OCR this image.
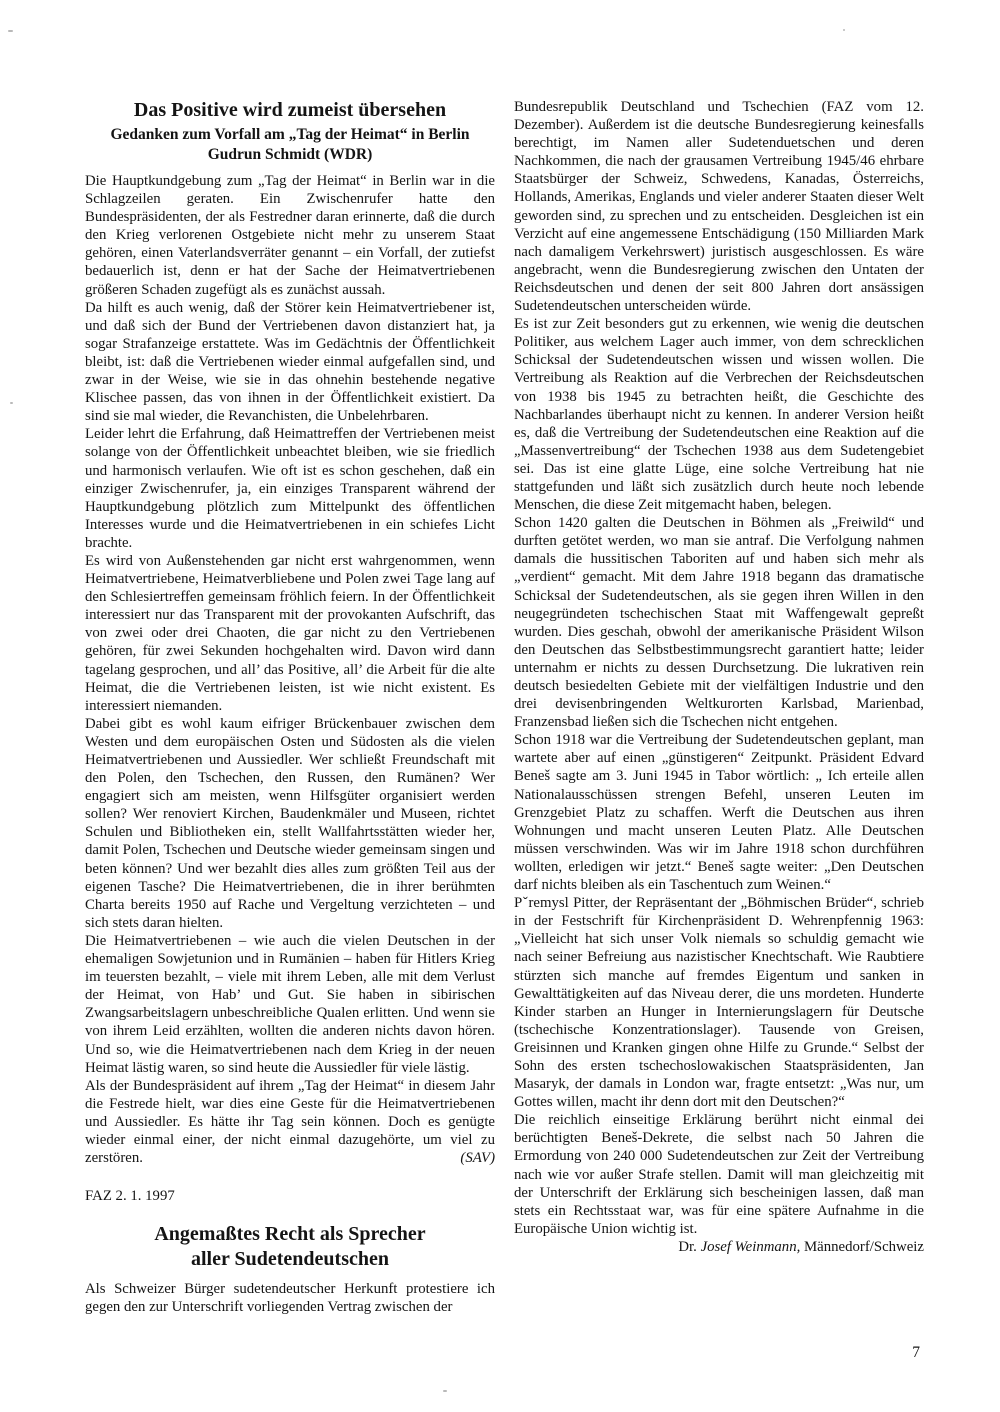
Das Positive wird zumeist übersehen
Gedanken zum Vorfall am „Tag der Heimat“ in Berlin
Gudrun Schmidt (WDR)

Die Hauptkundgebung zum „Tag der Heimat“ in Berlin war in die Schlagzeilen geraten. Ein Zwischenrufer hatte den Bundespräsidenten, der als Festredner daran erinnerte, daß die durch den Krieg verlorenen Ostgebiete nicht mehr zu unserem Staat gehören, einen Vaterlandsverräter genannt – ein Vorfall, der zutiefst bedauerlich ist, denn er hat der Sache der Heimatvertriebenen größeren Schaden zugefügt als es zunächst aussah.

Da hilft es auch wenig, daß der Störer kein Heimatvertriebener ist, und daß sich der Bund der Vertriebenen davon distanziert hat, ja sogar Strafanzeige erstattete. Was im Gedächtnis der Öffentlichkeit bleibt, ist: daß die Vertriebenen wieder einmal aufgefallen sind, und zwar in der Weise, wie sie in das ohnehin bestehende negative Klischee passen, das von ihnen in der Öffentlichkeit existiert. Da sind sie mal wieder, die Revanchisten, die Unbelehrbaren.

Leider lehrt die Erfahrung, daß Heimattreffen der Vertriebenen meist solange von der Öffentlichkeit unbeachtet bleiben, wie sie friedlich und harmonisch verlaufen. Wie oft ist es schon geschehen, daß ein einziger Zwischenrufer, ja, ein einziges Transparent während der Hauptkundgebung plötzlich zum Mittelpunkt des öffentlichen Interesses wurde und die Heimatvertriebenen in ein schiefes Licht brachte.

Es wird von Außenstehenden gar nicht erst wahrgenommen, wenn Heimatvertriebene, Heimatverbliebene und Polen zwei Tage lang auf den Schlesiertreffen gemeinsam fröhlich feiern. In der Öffentlichkeit interessiert nur das Transparent mit der provokanten Aufschrift, das von zwei oder drei Chaoten, die gar nicht zu den Vertriebenen gehören, für zwei Sekunden hochgehalten wird. Davon wird dann tagelang gesprochen, und all’ das Positive, all’ die Arbeit für die alte Heimat, die die Vertriebenen leisten, ist wie nicht existent. Es interessiert niemanden.

Dabei gibt es wohl kaum eifriger Brückenbauer zwischen dem Westen und dem europäischen Osten und Südosten als die vielen Heimatvertriebenen und Aussiedler. Wer schließt Freundschaft mit den Polen, den Tschechen, den Russen, den Rumänen? Wer engagiert sich am meisten, wenn Hilfsgüter organisiert werden sollen? Wer renoviert Kirchen, Baudenkmäler und Museen, richtet Schulen und Bibliotheken ein, stellt Wallfahrtsstätten wieder her, damit Polen, Tschechen und Deutsche wieder gemeinsam singen und beten können? Und wer bezahlt dies alles zum größten Teil aus der eigenen Tasche? Die Heimatvertriebenen, die in ihrer berühmten Charta bereits 1950 auf Rache und Vergeltung verzichteten – und sich stets daran hielten.

Die Heimatvertriebenen – wie auch die vielen Deutschen in der ehemaligen Sowjetunion und in Rumänien – haben für Hitlers Krieg im teuersten bezahlt, – viele mit ihrem Leben, alle mit dem Verlust der Heimat, von Hab’ und Gut. Sie haben in sibirischen Zwangsarbeitslagern unbeschreibliche Qualen erlitten. Und wenn sie von ihrem Leid erzählten, wollten die anderen nichts davon hören. Und so, wie die Heimatvertriebenen nach dem Krieg in der neuen Heimat lästig waren, so sind heute die Aussiedler für viele lästig.

Als der Bundespräsident auf ihrem „Tag der Heimat“ in diesem Jahr die Festrede hielt, war dies eine Geste für die Heimatvertriebenen und Aussiedler. Es hätte ihr Tag sein können. Doch es genügte wieder einmal einer, der nicht einmal dazugehörte, um viel zu zerstören.	(SAV)

FAZ 2. 1. 1997

Angemaßtes Recht als Sprecher
aller Sudetendeutschen

Als Schweizer Bürger sudetendeutscher Herkunft protestiere ich gegen den zur Unterschrift vorliegenden Vertrag zwischen der

Bundesrepublik Deutschland und Tschechien (FAZ vom 12. Dezember). Außerdem ist die deutsche Bundesregierung keinesfalls berechtigt, im Namen aller Sudetenduetschen und deren Nachkommen, die nach der grausamen Vertreibung 1945/46 ehrbare Staatsbürger der Schweiz, Schwedens, Kanadas, Österreichs, Hollands, Amerikas, Englands und vieler anderer Staaten dieser Welt geworden sind, zu sprechen und zu entscheiden. Desgleichen ist ein Verzicht auf eine angemessene Entschädigung (150 Milliarden Mark nach damaligem Verkehrswert) juristisch ausgeschlossen. Es wäre angebracht, wenn die Bundesregierung zwischen den Untaten der Reichsdeutschen und denen der seit 800 Jahren dort ansässigen Sudetendeutschen unterscheiden würde.

Es ist zur Zeit besonders gut zu erkennen, wie wenig die deutschen Politiker, aus welchem Lager auch immer, von dem schrecklichen Schicksal der Sudetendeutschen wissen und wissen wollen. Die Vertreibung als Reaktion auf die Verbrechen der Reichsdeutschen von 1938 bis 1945 zu betrachten heißt, die Geschichte des Nachbarlandes überhaupt nicht zu kennen. In anderer Version heißt es, daß die Vertreibung der Sudetendeutschen eine Reaktion auf die „Massenvertreibung“ der Tschechen 1938 aus dem Sudetengebiet sei. Das ist eine glatte Lüge, eine solche Vertreibung hat nie stattgefunden und läßt sich zusätzlich durch heute noch lebende Menschen, die diese Zeit mitgemacht haben, belegen.

Schon 1420 galten die Deutschen in Böhmen als „Freiwild“ und durften getötet werden, wo man sie antraf. Die Verfolgung nahmen damals die hussitischen Taboriten auf und haben sich mehr als „verdient“ gemacht. Mit dem Jahre 1918 begann das dramatische Schicksal der Sudetendeutschen, als sie gegen ihren Willen in den neugegründeten tschechischen Staat mit Waffengewalt gepreßt wurden. Dies geschah, obwohl der amerikanische Präsident Wilson den Deutschen das Selbstbestimmungsrecht garantiert hatte; leider unternahm er nichts zu dessen Durchsetzung. Die lukrativen rein deutsch besiedelten Gebiete mit der vielfältigen Industrie und den drei devisenbringenden Weltkurorten Karlsbad, Marienbad, Franzensbad ließen sich die Tschechen nicht entgehen.

Schon 1918 war die Vertreibung der Sudetendeutschen geplant, man wartete aber auf einen „günstigeren“ Zeitpunkt. Präsident Edvard Beneš sagte am 3. Juni 1945 in Tabor wörtlich: „ Ich erteile allen Nationalausschüssen strengen Befehl, unseren Leuten im Grenzgebiet Platz zu schaffen. Werft die Deutschen aus ihren Wohnungen und macht unseren Leuten Platz. Alle Deutschen müssen verschwinden. Was wir im Jahre 1918 schon durchführen wollten, erledigen wir jetzt.“ Beneš sagte weiter: „Den Deutschen darf nichts bleiben als ein Taschentuch zum Weinen.“

Pˇremysl Pitter, der Repräsentant der „Böhmischen Brüder“, schrieb in der Festschrift für Kirchenpräsident D. Wehrenpfennig 1963: „Vielleicht hat sich unser Volk niemals so schuldig gemacht wie nach seiner Befreiung aus nazistischer Knechtschaft. Wie Raubtiere stürzten sich manche auf fremdes Eigentum und sanken in Gewalttätigkeiten auf das Niveau derer, die uns mordeten. Hunderte Kinder starben an Hunger in Internierungslagern für Deutsche (tschechische Konzentrationslager). Tausende von Greisen, Greisinnen und Kranken gingen ohne Hilfe zu Grunde.“ Selbst der Sohn des ersten tschechoslowakischen Staatspräsidenten, Jan Masaryk, der damals in London war, fragte entsetzt: „Was nur, um Gottes willen, macht ihr denn dort mit den Deutschen?“

Die reichlich einseitige Erklärung berührt nicht einmal dei berüchtigten Beneš-Dekrete, die selbst nach 50 Jahren die Ermordung von 240 000 Sudetendeutschen zur Zeit der Vertreibung nach wie vor außer Strafe stellen. Damit will man gleichzeitig mit der Unterschrift der Erklärung sich bescheinigen lassen, daß man stets ein Rechtsstaat war, was für eine spätere Aufnahme in die Europäische Union wichtig ist.

Dr. Josef Weinmann, Männedorf/Schweiz

7
